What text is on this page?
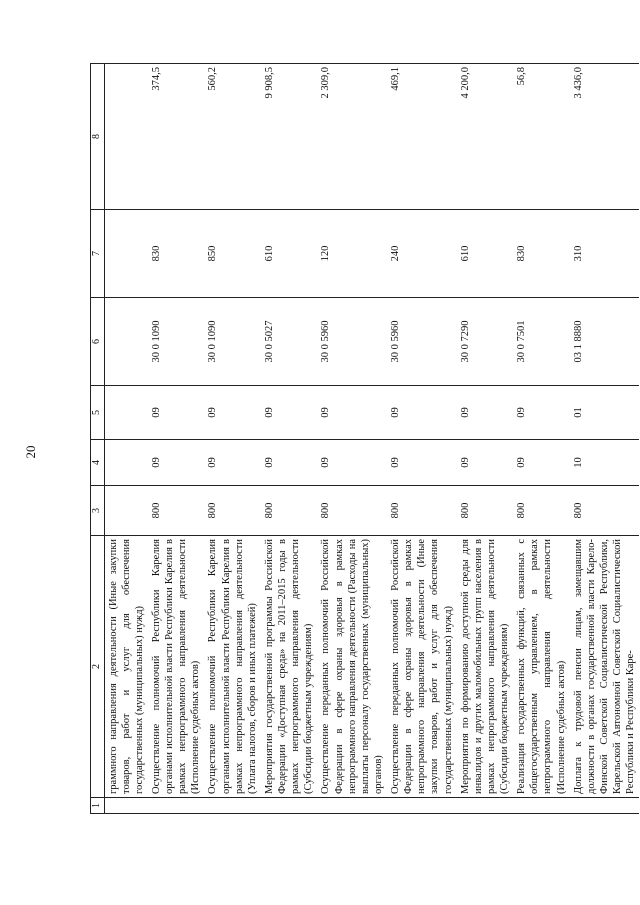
20
1	2	3	4	5	6	7	8
	граммного направления деятельности (Иные закупки товаров, работ и услуг для обеспечения государственных (муниципальных) нужд)						
	Осуществление полномочий Республики Карелия органами исполнительной власти Республики Карелия в рамках непрограммного направления деятельности (Исполнение судебных актов)	800	09	09	30 0 1090	830	374,5
	Осуществление полномочий Республики Карелия органами исполнительной власти Республики Карелия в рамках непрограммного направления деятельности (Уплата налогов, сборов и иных платежей)	800	09	09	30 0 1090	850	560,2
	Мероприятия государственной программы Российской Федерации «Доступная среда» на 2011–2015 годы в рамках непрограммного направления деятельности (Субсидии бюджетным учреждениям)	800	09	09	30 0 5027	610	9 908,5
	Осуществление переданных полномочий Российской Федерации в сфере охраны здоровья в рамках непрограммного направления деятельности (Расходы на выплаты персоналу государственных (муниципальных) органов)	800	09	09	30 0 5960	120	2 309,0
	Осуществление переданных полномочий Российской Федерации в сфере охраны здоровья в рамках непрограммного направления деятельности (Иные закупки товаров, работ и услуг для обеспечения государственных (муниципальных) нужд)	800	09	09	30 0 5960	240	469,1
	Мероприятия по формированию доступной среды для инвалидов и других маломобильных групп населения в рамках непрограммного направления деятельности (Субсидии бюджетным учреждениям)	800	09	09	30 0 7290	610	4 200,0
	Реализация государственных функций, связанных с общегосударственным управлением, в рамках непрограммного направления деятельности (Исполнение судебных актов)	800	09	09	30 0 7501	830	56,8
	Доплата к трудовой пенсии лицам, замещавшим должности в органах государственной власти Карело-Финской Советской Социалистической Республики, Карельской Автономной Советской Социалистической Республики и Республики Каре-	800	10	01	03 1 8880	310	3 436,0
